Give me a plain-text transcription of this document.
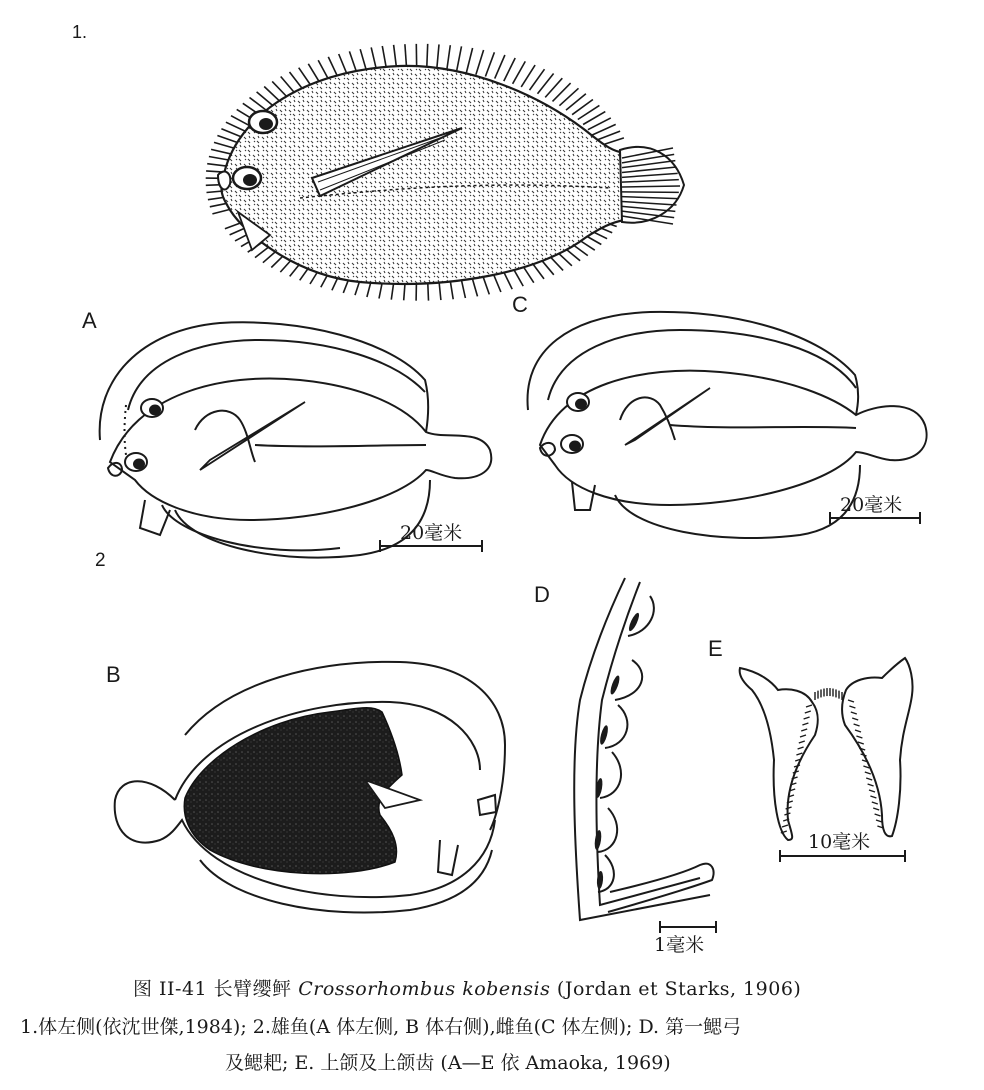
1.
A
C
2
D
E
B
20毫米
20毫米
1毫米
10毫米
图 II-41 长臂缨鲆 Crossorhombus kobensis (Jordan et Starks, 1906)
1.体左侧(依沈世傑,1984); 2.雄鱼(A 体左侧, B 体右侧),雌鱼(C 体左侧); D. 第一鳃弓
及鳃耙; E. 上颌及上颌齿 (A—E 依 Amaoka, 1969)
